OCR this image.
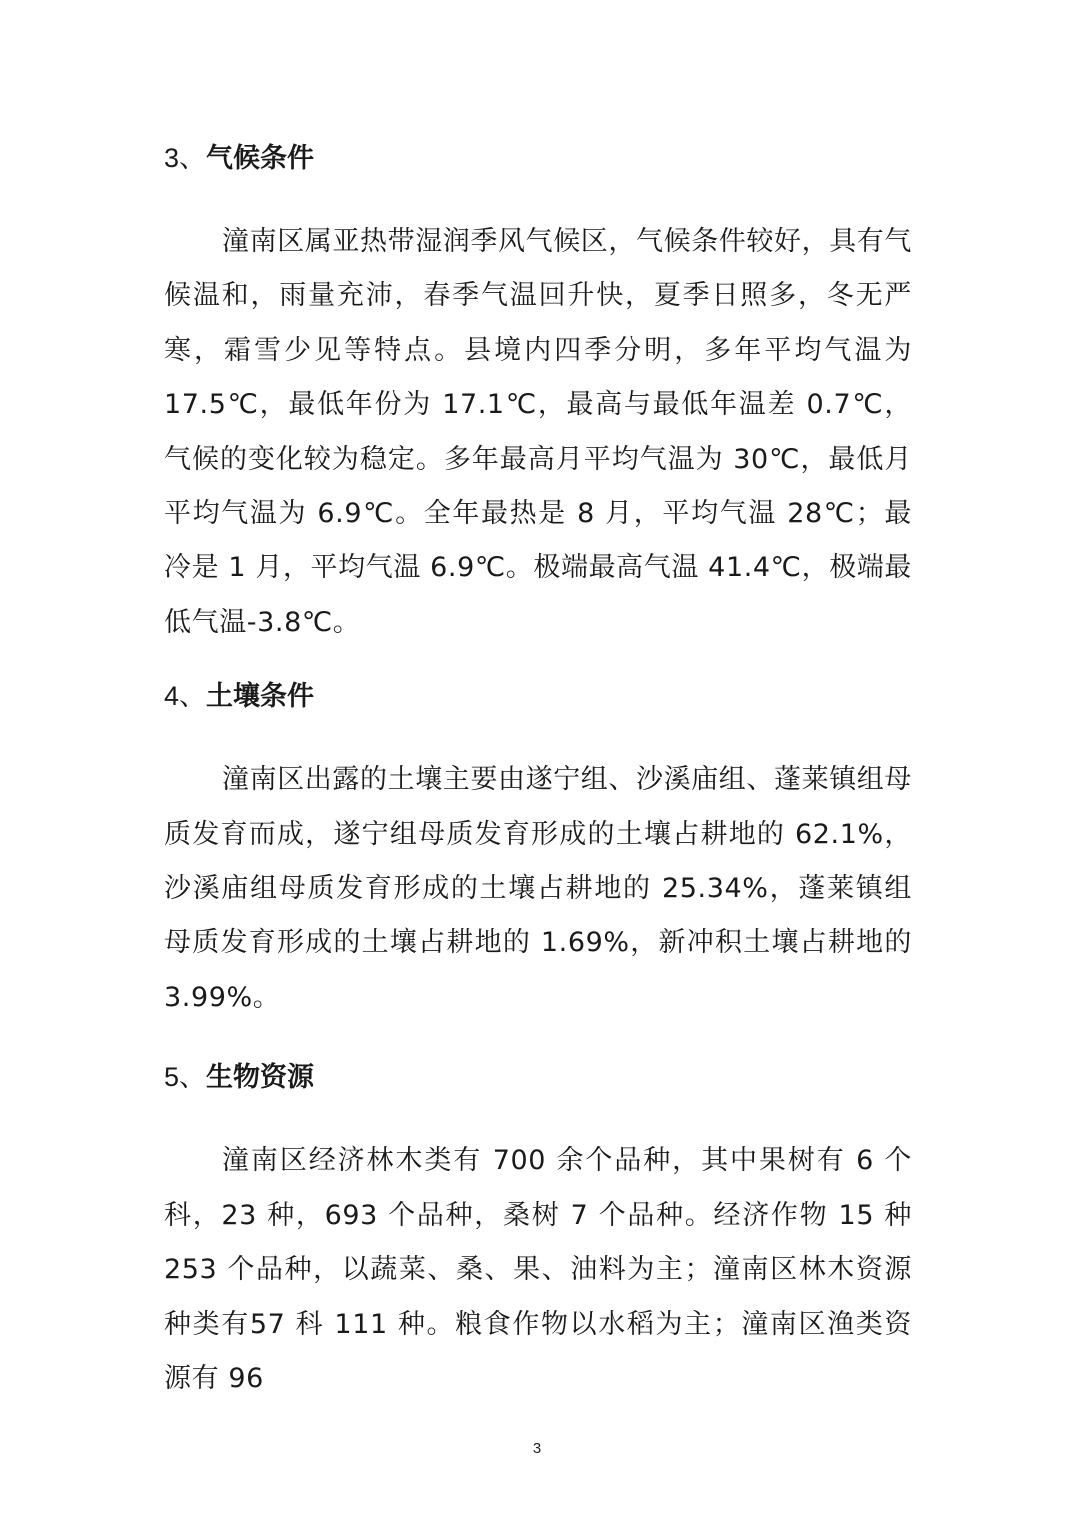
3、气候条件

潼南区属亚热带湿润季风气候区，气候条件较好，具有气候温和，雨量充沛，春季气温回升快，夏季日照多，冬无严寒，霜雪少见等特点。县境内四季分明，多年平均气温为17.5℃，最低年份为 17.1℃，最高与最低年温差 0.7℃，气候的变化较为稳定。多年最高月平均气温为 30℃，最低月平均气温为 6.9℃。全年最热是 8 月，平均气温 28℃；最冷是 1 月，平均气温 6.9℃。极端最高气温 41.4℃，极端最低气温-3.8℃。

4、土壤条件

潼南区出露的土壤主要由遂宁组、沙溪庙组、蓬莱镇组母质发育而成，遂宁组母质发育形成的土壤占耕地的 62.1%，沙溪庙组母质发育形成的土壤占耕地的 25.34%，蓬莱镇组母质发育形成的土壤占耕地的 1.69%，新冲积土壤占耕地的3.99%。

5、生物资源

潼南区经济林木类有 700 余个品种，其中果树有 6 个科，23 种，693 个品种，桑树 7 个品种。经济作物 15 种 253 个品种，以蔬菜、桑、果、油料为主；潼南区林木资源种类有57 科 111 种。粮食作物以水稻为主；潼南区渔类资源有 96

3
